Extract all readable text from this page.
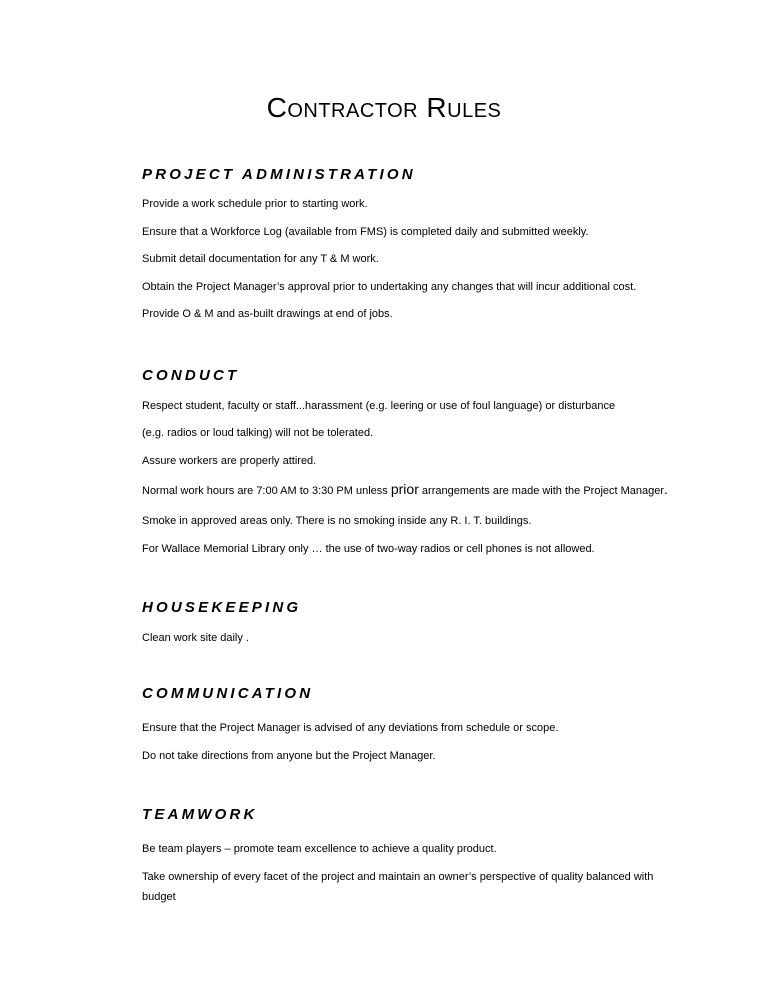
Contractor Rules
PROJECT ADMINISTRATION

Provide a work schedule prior to starting work.

Ensure that a Workforce Log (available from FMS) is completed daily and submitted weekly.

Submit detail documentation for any T & M work.

Obtain the Project Manager’s approval prior to undertaking any changes that will incur additional cost.

Provide O & M and as-built drawings at end of jobs.

CONDUCT

Respect student, faculty or staff...harassment (e.g. leering or use of foul language) or disturbance

(e.g. radios or loud talking) will not be tolerated.

Assure workers are properly attired.

Normal work hours are 7:00 AM to 3:30 PM unless prior arrangements are made with the Project Manager.

Smoke in approved areas only. There is no smoking inside any R. I. T. buildings.

For Wallace Memorial Library only … the use of two-way radios or cell phones is not allowed.

HOUSEKEEPING

Clean work site daily .

COMMUNICATION

Ensure that the Project Manager is advised of any deviations from schedule or scope.

Do not take directions from anyone but the Project Manager.

TEAMWORK

Be team players – promote team excellence to achieve a quality product.

Take ownership of every facet of the project and maintain an owner’s perspective of quality balanced with

budget
